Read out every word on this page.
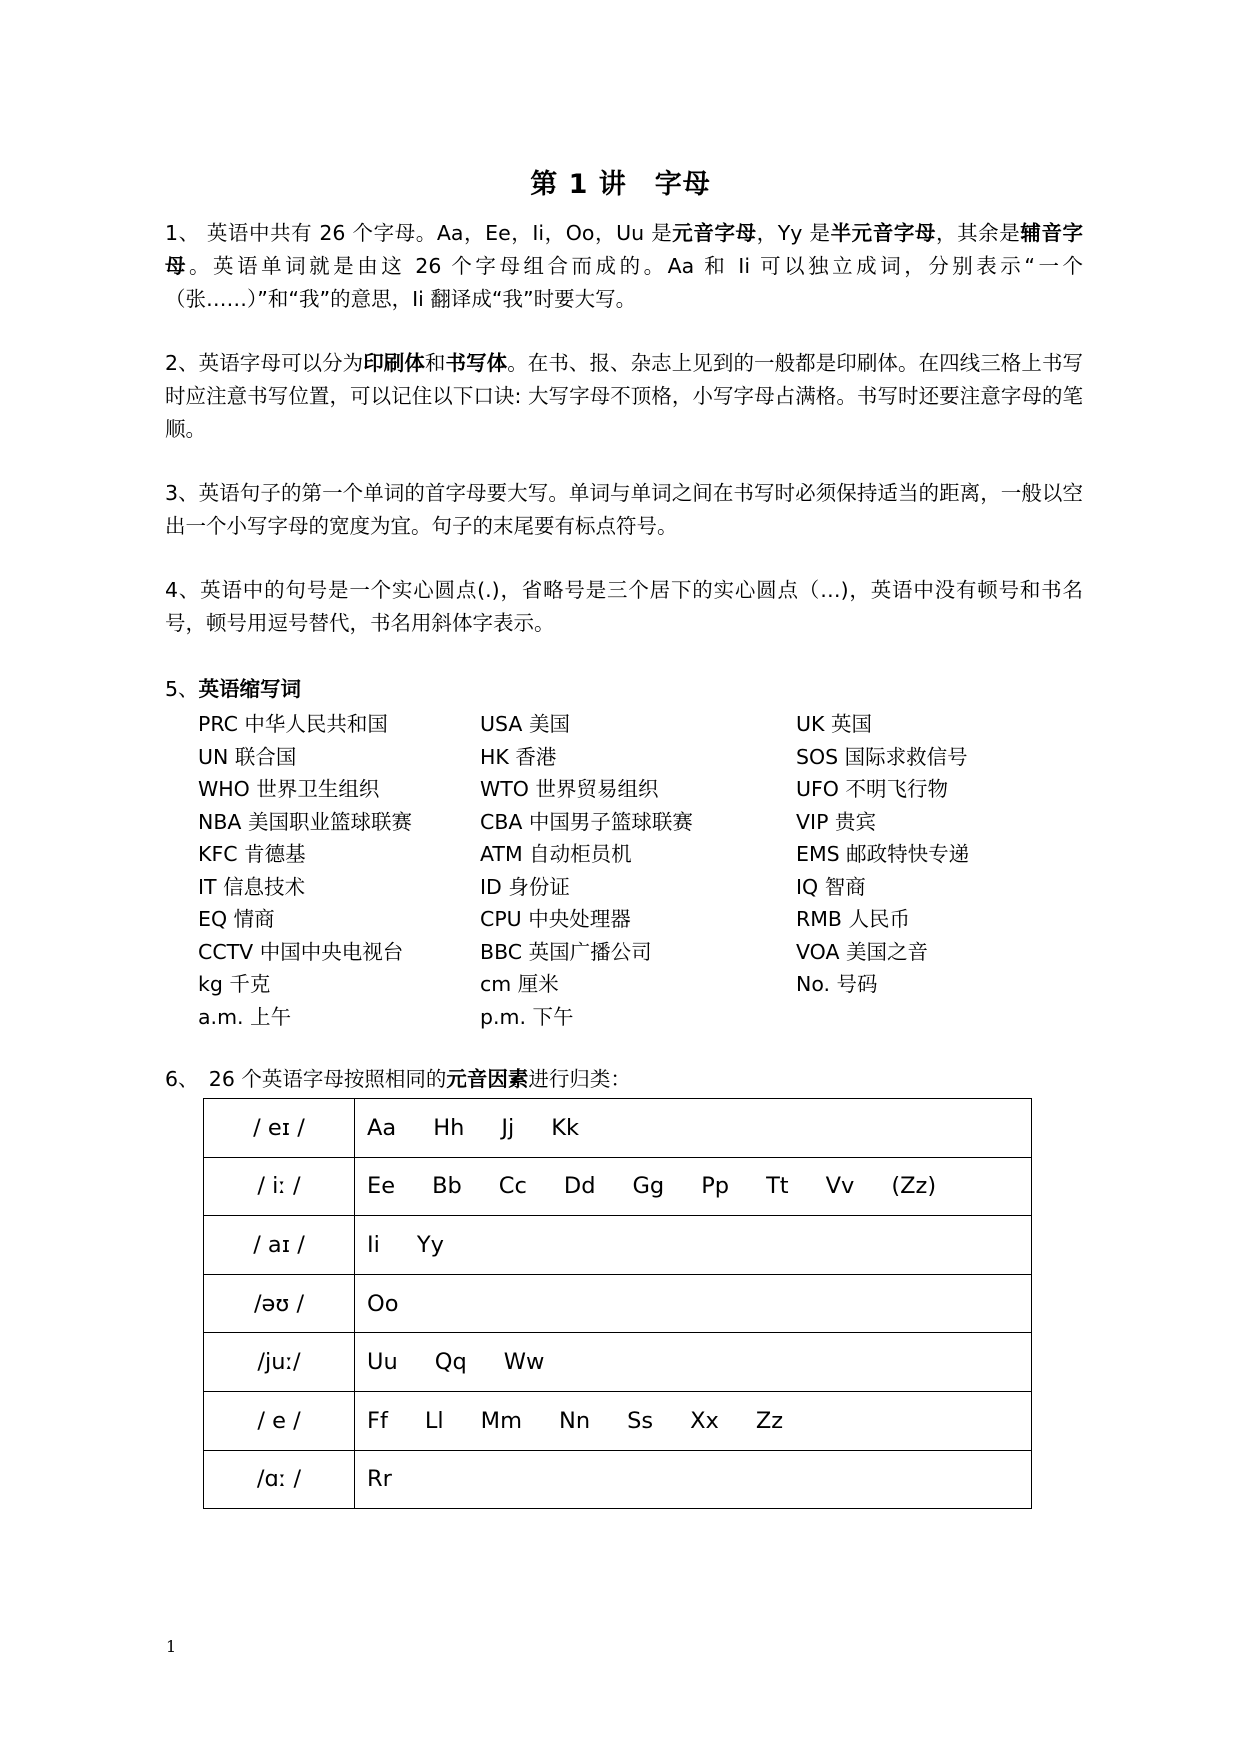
第 1 讲　字母

1、 英语中共有 26 个字母。Aa，Ee，Ii，Oo，Uu 是元音字母，Yy 是半元音字母，其余是辅音字母。英语单词就是由这 26 个字母组合而成的。Aa 和 Ii 可以独立成词，分别表示“一个（张……）”和“我”的意思，Ii 翻译成“我”时要大写。

2、英语字母可以分为印刷体和书写体。在书、报、杂志上见到的一般都是印刷体。在四线三格上书写时应注意书写位置，可以记住以下口诀: 大写字母不顶格，小写字母占满格。书写时还要注意字母的笔顺。

3、英语句子的第一个单词的首字母要大写。单词与单词之间在书写时必须保持适当的距离，一般以空出一个小写字母的宽度为宜。句子的末尾要有标点符号。

4、英语中的句号是一个实心圆点(.)，省略号是三个居下的实心圆点（…)，英语中没有顿号和书名号，顿号用逗号替代，书名用斜体字表示。

5、英语缩写词
PRC 中华人民共和国	USA 美国	UK 英国
UN 联合国	HK 香港	SOS 国际求救信号
WHO 世界卫生组织	WTO 世界贸易组织	UFO 不明飞行物
NBA 美国职业篮球联赛	CBA 中国男子篮球联赛	VIP 贵宾
KFC 肯德基	ATM 自动柜员机	EMS 邮政特快专递
IT 信息技术	ID 身份证	IQ 智商
EQ 情商	CPU 中央处理器	RMB 人民币
CCTV 中国中央电视台	BBC 英国广播公司	VOA 美国之音
kg 千克	cm 厘米	No. 号码
a.m. 上午	p.m. 下午
6、　26 个英语字母按照相同的元音因素进行归类：
/ eɪ /	Aa Hh Jj Kk
/ iː /	Ee Bb Cc Dd Gg Pp Tt Vv (Zz)
/ aɪ /	Ii Yy
/əʊ /	Oo
/juː/	Uu Qq Ww
/ e /	Ff Ll Mm Nn Ss Xx Zz
/ɑː /	Rr
1
